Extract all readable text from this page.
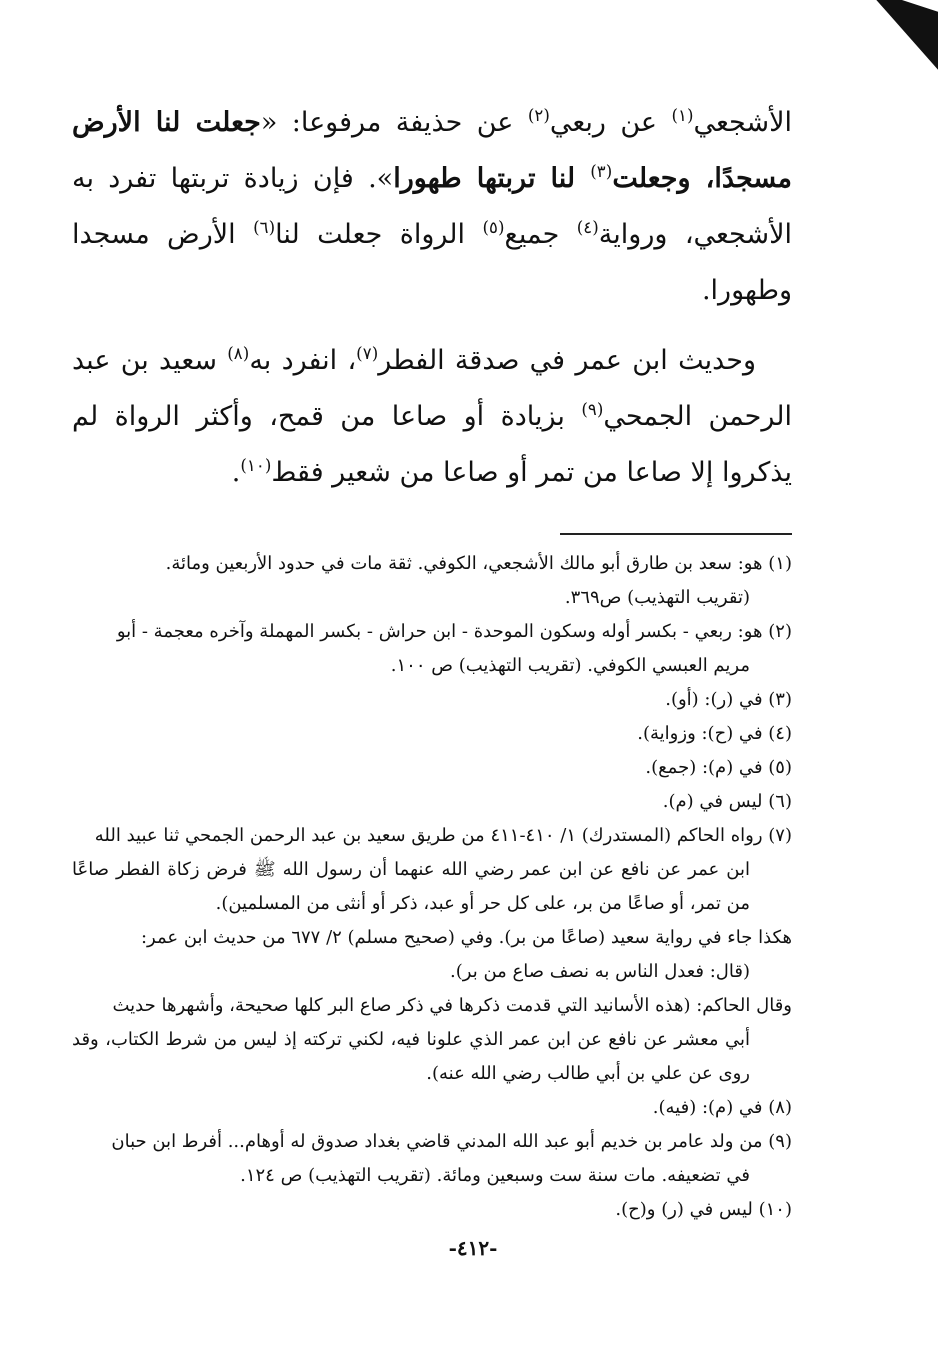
الأشجعي$^{(١)}$ عن ربعي$^{(٢)}$ عن حذيفة مرفوعا: «جعلت لنا الأرض مسجدًا، وجعلت$^{(٣)}$ لنا تربتها طهورا». فإن زيادة تربتها تفرد به الأشجعي، ورواية$^{(٤)}$ جميع$^{(٥)}$ الرواة جعلت لنا$^{(٦)}$ الأرض مسجدا وطهورا.

وحديث ابن عمر في صدقة الفطر$^{(٧)}$، انفرد به$^{(٨)}$ سعيد بن عبد الرحمن الجمحي$^{(٩)}$ بزيادة أو صاعا من قمح، وأكثر الرواة لم يذكروا إلا صاعا من تمر أو صاعا من شعير فقط$^{(١٠)}$.

(١) هو: سعد بن طارق أبو مالك الأشجعي، الكوفي. ثقة مات في حدود الأربعين ومائة.
(تقريب التهذيب) ص٣٦٩.
(٢) هو: ربعي - بكسر أوله وسكون الموحدة - ابن حراش - بكسر المهملة وآخره معجمة - أبو
مريم العبسي الكوفي. (تقريب التهذيب) ص ١٠٠.
(٣) في (ر): (أو).
(٤) في (ح): وزواية).
(٥) في (م): (جمع).
(٦) ليس في (م).
(٧) رواه الحاكم (المستدرك) ١/ ٤١٠-٤١١ من طريق سعيد بن عبد الرحمن الجمحي ثنا عبيد الله
ابن عمر عن نافع عن ابن عمر رضي الله عنهما أن رسول الله ﷺ فرض زكاة الفطر صاعًا من تمر، أو صاعًا من بر، على كل حر أو عبد، ذكر أو أنثى من المسلمين).
هكذا جاء في رواية سعيد (صاعًا من بر). وفي (صحيح مسلم) ٢/ ٦٧٧ من حديث ابن عمر:
(قال: فعدل الناس به نصف صاع من بر).
وقال الحاكم: (هذه الأسانيد التي قدمت ذكرها في ذكر صاع البر كلها صحيحة، وأشهرها حديث
أبي معشر عن نافع عن ابن عمر الذي علونا فيه، لكني تركته إذ ليس من شرط الكتاب، وقد روى عن علي بن أبي طالب رضي الله عنه).
(٨) في (م): (فيه).
(٩) من ولد عامر بن خديم أبو عبد الله المدني قاضي بغداد صدوق له أوهام... أفرط ابن حبان
في تضعيفه. مات سنة ست وسبعين ومائة. (تقريب التهذيب) ص ١٢٤.
(١٠) ليس في (ر) و(ح).
-٤١٢-
